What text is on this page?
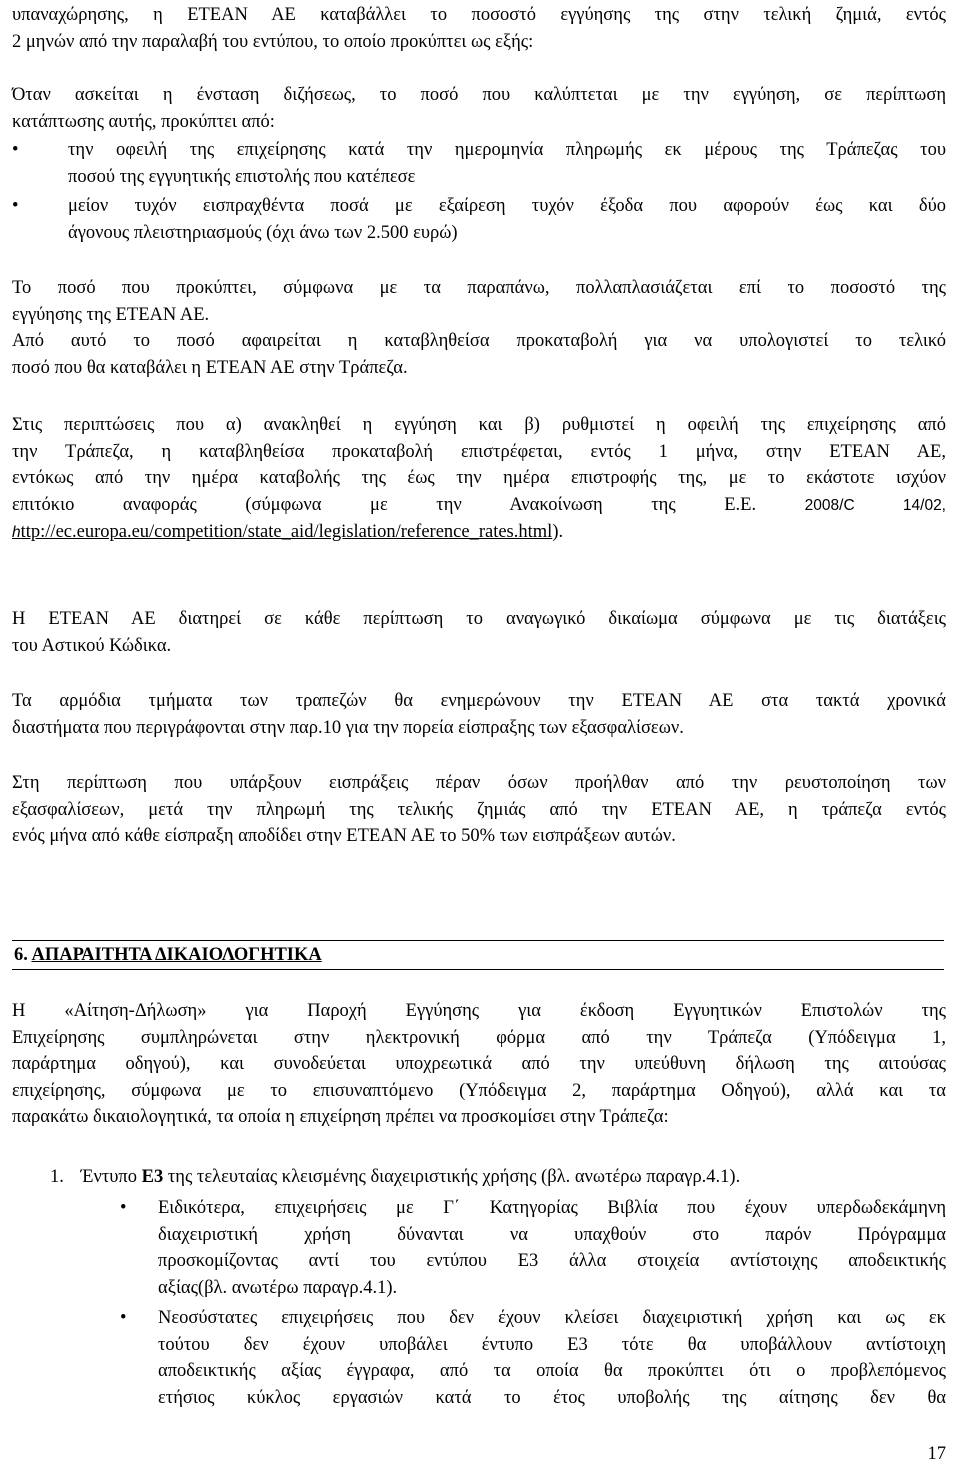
υπαναχώρησης, η ΕΤΕΑΝ ΑΕ καταβάλλει το ποσοστό εγγύησης της στην τελική ζημιά, εντός
2 μηνών από την παραλαβή του εντύπου, το οποίο προκύπτει ως εξής:
Όταν ασκείται η ένσταση διζήσεως, το ποσό που καλύπτεται με την εγγύηση, σε περίπτωση
κατάπτωσης αυτής, προκύπτει από:
•	την οφειλή της επιχείρησης κατά την ημερομηνία πληρωμής εκ μέρους της Τράπεζας του
ποσού της εγγυητικής επιστολής που κατέπεσε
•	μείον τυχόν εισπραχθέντα ποσά με εξαίρεση τυχόν έξοδα που αφορούν έως και δύο
άγονους πλειστηριασμούς (όχι άνω των 2.500 ευρώ)
Το ποσό που προκύπτει, σύμφωνα με τα παραπάνω, πολλαπλασιάζεται επί το ποσοστό της
εγγύησης της ΕΤΕΑΝ ΑΕ.
Από αυτό το ποσό αφαιρείται η καταβληθείσα προκαταβολή για να υπολογιστεί το τελικό
ποσό που θα καταβάλει η ΕΤΕΑΝ ΑΕ στην Τράπεζα.
Στις περιπτώσεις που α) ανακληθεί η εγγύηση και β) ρυθμιστεί η οφειλή της επιχείρησης από
την Τράπεζα, η καταβληθείσα προκαταβολή επιστρέφεται, εντός 1 μήνα, στην ΕΤΕΑΝ ΑΕ,
εντόκως από την ημέρα καταβολής της έως την ημέρα επιστροφής της, με το εκάστοτε ισχύον
επιτόκιο αναφοράς (σύμφωνα με την Ανακοίνωση της Ε.Ε. 2008/C 14/02,
http://ec.europa.eu/competition/state_aid/legislation/reference_rates.html).
Η ΕΤΕΑΝ ΑΕ διατηρεί σε κάθε περίπτωση το αναγωγικό δικαίωμα σύμφωνα με τις διατάξεις
του Αστικού Κώδικα.
Τα αρμόδια τμήματα των τραπεζών θα ενημερώνουν την ΕΤΕΑΝ ΑΕ στα τακτά χρονικά
διαστήματα που περιγράφονται στην παρ.10 για την πορεία είσπραξης των εξασφαλίσεων.
Στη περίπτωση που υπάρξουν εισπράξεις πέραν όσων προήλθαν από την ρευστοποίηση των
εξασφαλίσεων, μετά την πληρωμή της τελικής ζημιάς από την ΕΤΕΑΝ ΑΕ, η τράπεζα εντός
ενός μήνα από κάθε είσπραξη αποδίδει στην ΕΤΕΑΝ ΑΕ το 50% των εισπράξεων αυτών.
6. ΑΠΑΡΑΙΤΗΤΑ ΔΙΚΑΙΟΛΟΓΗΤΙΚΑ
Η «Αίτηση-Δήλωση» για Παροχή Εγγύησης για έκδοση Εγγυητικών Επιστολών της
Επιχείρησης συμπληρώνεται στην ηλεκτρονική φόρμα από την Τράπεζα (Υπόδειγμα 1,
παράρτημα οδηγού), και συνοδεύεται υποχρεωτικά από την υπεύθυνη δήλωση της αιτούσας
επιχείρησης, σύμφωνα με το επισυναπτόμενο (Υπόδειγμα 2, παράρτημα Οδηγού), αλλά και τα
παρακάτω δικαιολογητικά, τα οποία η επιχείρηση πρέπει να προσκομίσει στην Τράπεζα:
1. Έντυπο Ε3 της τελευταίας κλεισμένης διαχειριστικής χρήσης (βλ. ανωτέρω παραγρ.4.1).
• Ειδικότερα, επιχειρήσεις με Γ΄ Κατηγορίας Βιβλία που έχουν υπερδωδεκάμηνη
διαχειριστική χρήση δύνανται να υπαχθούν στο παρόν Πρόγραμμα
προσκομίζοντας αντί του εντύπου Ε3 άλλα στοιχεία αντίστοιχης αποδεικτικής
αξίας(βλ. ανωτέρω παραγρ.4.1).
• Νεοσύστατες επιχειρήσεις που δεν έχουν κλείσει διαχειριστική χρήση και ως εκ
τούτου δεν έχουν υποβάλει έντυπο Ε3 τότε θα υποβάλλουν αντίστοιχη
αποδεικτικής αξίας έγγραφα, από τα οποία θα προκύπτει ότι ο προβλεπόμενος
ετήσιος κύκλος εργασιών κατά το έτος υποβολής της αίτησης δεν θα
17
